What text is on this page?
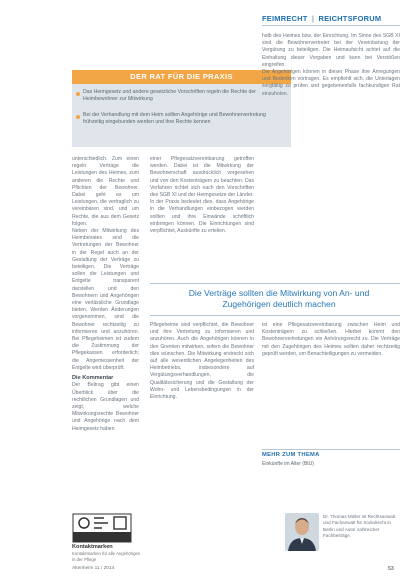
FEIMRECHT | REICHTSFORUM
DER RAT FÜR DIE PRAXIS
Das Heimgesetz und andere gesetzliche Vorschriften regeln die Rechte der Heimbewohner zur Mitwirkung
Bei der Verhandlung mit dem Heim sollten Angehörige und Bewohnervertretung frühzeitig eingebunden werden und ihre Rechte kennen

unterschiedlich. Zum einen regeln Verträge die Leistungen des Heimes, zum anderen die Rechte und Pflichten der Bewohner. Dabei geht es um Leistungen, die vertraglich zu vereinbaren sind, und um Rechte, die aus dem Gesetz folgen.

Neben der Mitwirkung des Heimbeirates sind die Vertretungen der Bewohner in der Regel auch an der Gestaltung der Verträge zu beteiligen. Die Verträge sollen die Leistungen und Entgelte transparent darstellen und den Bewohnern und Angehörigen eine verlässliche Grundlage bieten. Werden Änderungen vorgenommen, sind die Bewohner rechtzeitig zu informieren und anzuhören. Bei Pflegeheimen ist zudem die Zustimmung der Pflegekassen erforderlich; die Angemessenheit der Entgelte wird überprüft.

Die Kommentar

Der Beitrag gibt einen Überblick über die rechtlichen Grundlagen und zeigt, welche Mitwirkungsrechte Bewohner und Angehörige nach dem Heimgesetz haben.

einer Pflegesatzvereinbarung getroffen werden. Dabei ist die Mitwirkung der Bewohnerschaft ausdrücklich vorgesehen und von den Kostenträgern zu beachten. Das Verfahren richtet sich nach den Vorschriften des SGB XI und der Heimgesetze der Länder.

In der Praxis bedeutet dies, dass Angehörige in die Verhandlungen einbezogen werden sollten und ihre Einwände schriftlich einbringen können. Die Einrichtungen sind verpflichtet, Auskünfte zu erteilen.

halb des Heimes bzw. der Einrichtung. Im Sinne des SGB XI sind die Bewohnervertreter bei der Vereinbarung der Vergütung zu beteiligen. Die Heimaufsicht achtet auf die Einhaltung dieser Vorgaben und kann bei Verstößen eingreifen.

Die Angehörigen können in dieser Phase ihre Anregungen und Bedenken vortragen. Es empfiehlt sich, die Unterlagen sorgfältig zu prüfen und gegebenenfalls fachkundigen Rat einzuholen.

Die Verträge sollten die Mitwirkung von An- und Zugehörigen deutlich machen

Pflegeheime sind verpflichtet, die Bewohner und ihre Vertretung zu informieren und anzuhören. Auch die Angehörigen können in den Gremien mitwirken, sofern die Bewohner dies wünschen. Die Mitwirkung erstreckt sich auf alle wesentlichen Angelegenheiten des Heimbetriebs, insbesondere auf Vergütungsverhandlungen, die Qualitätssicherung und die Gestaltung der Wohn- und Lebensbedingungen in der Einrichtung.

ist eine Pflegesatzvereinbarung zwischen Heim und Kostenträgern zu schließen. Hierbei kommt den Bewohnervertretungen ein Anhörungsrecht zu. Die Verträge mit den Zugehörigen des Heimes sollten daher rechtzeitig geprüft werden, um Benachteiligungen zu vermeiden.

MEHR ZUM THEMA
Einkünfte im Alter (BtU)
Kontaktmarken
Kontaktmarken für alle Angehörigen in der Pflege
Dr. Thomas Müller ist Rechtsanwalt und Fachanwalt für Sozialrecht in Berlin und Autor zahlreicher Fachbeiträge.
Altenheim 11 / 2014	53
